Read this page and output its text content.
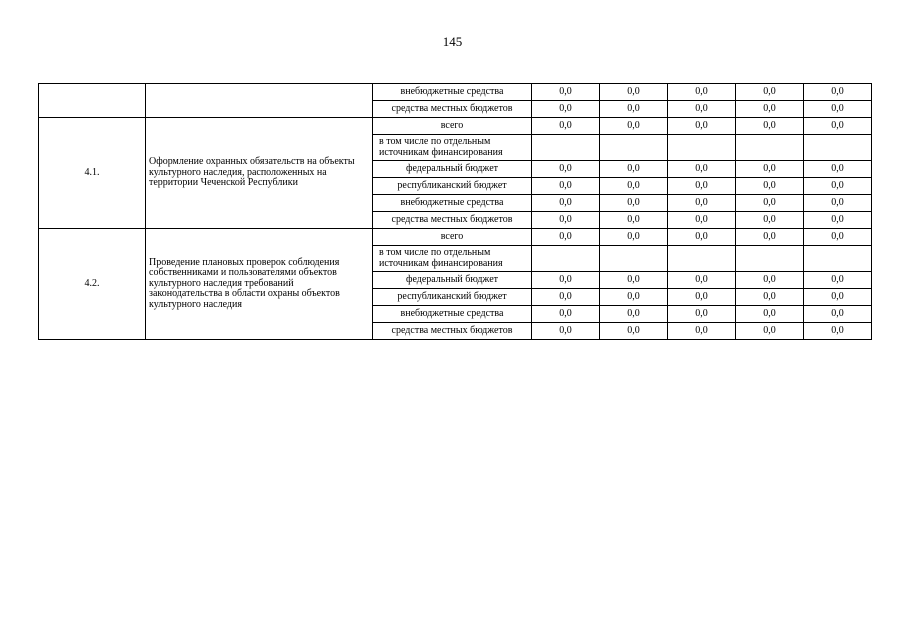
145
		внебюджетные средства	0,0	0,0	0,0	0,0	0,0
		средства местных бюджетов	0,0	0,0	0,0	0,0	0,0
4.1.	Оформление охранных обязательств на объекты культурного наследия, расположенных на территории Чеченской Республики	всего	0,0	0,0	0,0	0,0	0,0
		в том числе по отдельным источникам финансирования					
		федеральный бюджет	0,0	0,0	0,0	0,0	0,0
		республиканский бюджет	0,0	0,0	0,0	0,0	0,0
		внебюджетные средства	0,0	0,0	0,0	0,0	0,0
		средства местных бюджетов	0,0	0,0	0,0	0,0	0,0
4.2.	Проведение плановых проверок соблюдения собственниками и пользователями объектов культурного наследия требований законодательства в области охраны объектов культурного наследия	всего	0,0	0,0	0,0	0,0	0,0
		в том числе по отдельным источникам финансирования					
		федеральный бюджет	0,0	0,0	0,0	0,0	0,0
		республиканский бюджет	0,0	0,0	0,0	0,0	0,0
		внебюджетные средства	0,0	0,0	0,0	0,0	0,0
		средства местных бюджетов	0,0	0,0	0,0	0,0	0,0
